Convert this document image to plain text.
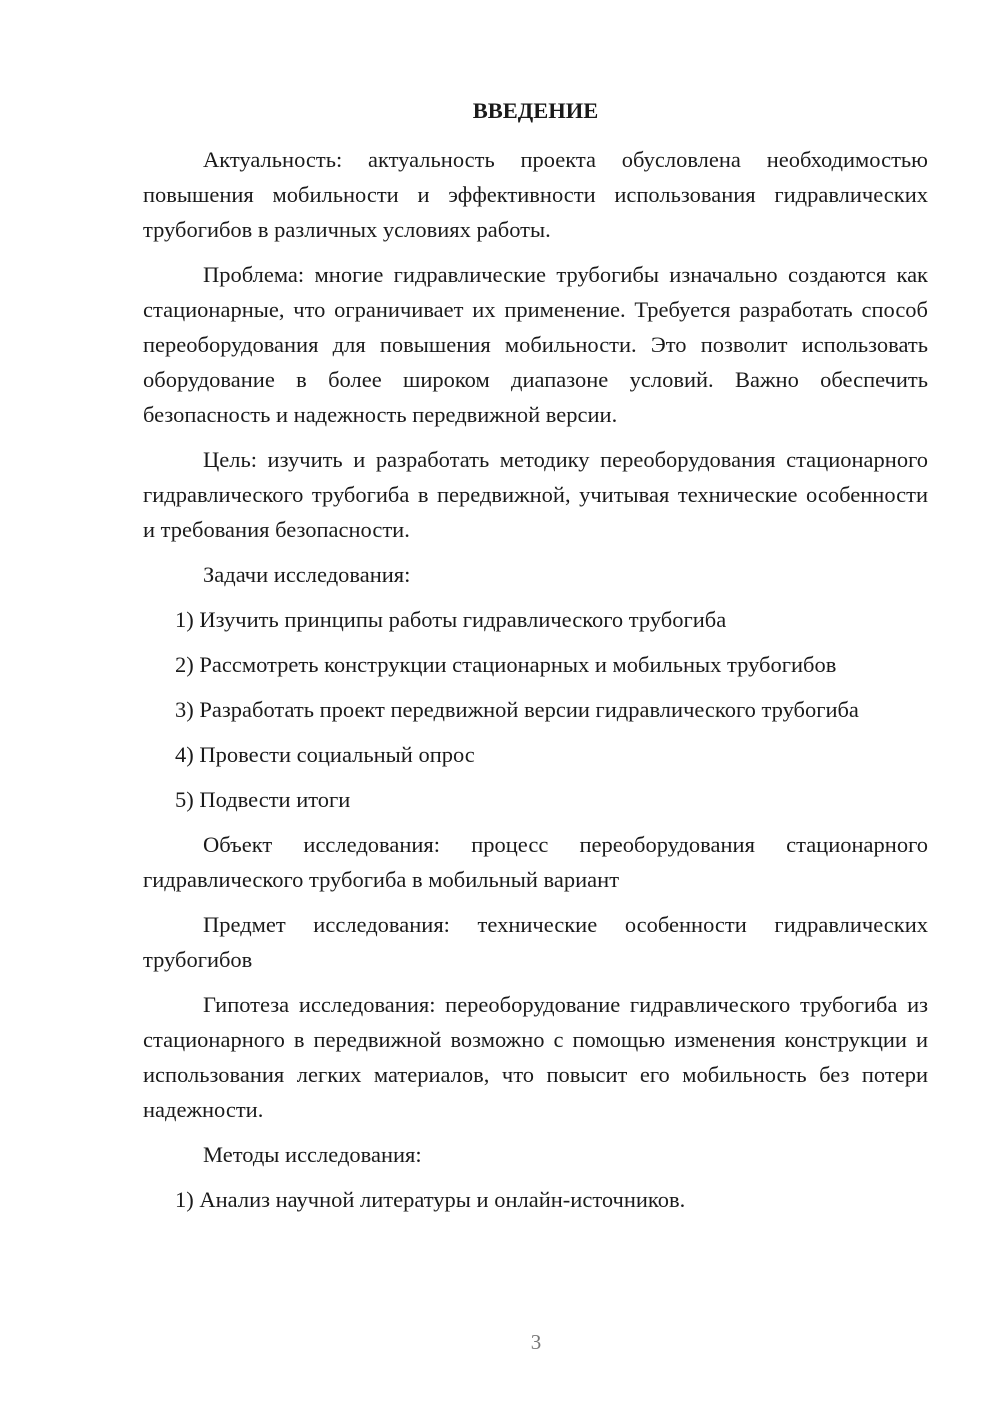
ВВЕДЕНИЕ

Актуальность: актуальность проекта обусловлена необходимостью повышения мобильности и эффективности использования гидравлических трубогибов в различных условиях работы.

Проблема: многие гидравлические трубогибы изначально создаются как стационарные, что ограничивает их применение. Требуется разработать способ переоборудования для повышения мобильности. Это позволит использовать оборудование в более широком диапазоне условий. Важно обеспечить безопасность и надежность передвижной версии.

Цель: изучить и разработать методику переоборудования стационарного гидравлического трубогиба в передвижной, учитывая технические особенности и требования безопасности.

Задачи исследования:

1) Изучить принципы работы гидравлического трубогиба

2) Рассмотреть конструкции стационарных и мобильных трубогибов

3) Разработать проект передвижной версии гидравлического трубогиба

4) Провести социальный опрос

5) Подвести итоги

Объект исследования: процесс переоборудования стационарного гидравлического трубогиба в мобильный вариант

Предмет исследования: технические особенности гидравлических трубогибов

Гипотеза исследования: переоборудование гидравлического трубогиба из стационарного в передвижной возможно с помощью изменения конструкции и использования легких материалов, что повысит его мобильность без потери надежности.

Методы исследования:

1) Анализ научной литературы и онлайн-источников.

3
